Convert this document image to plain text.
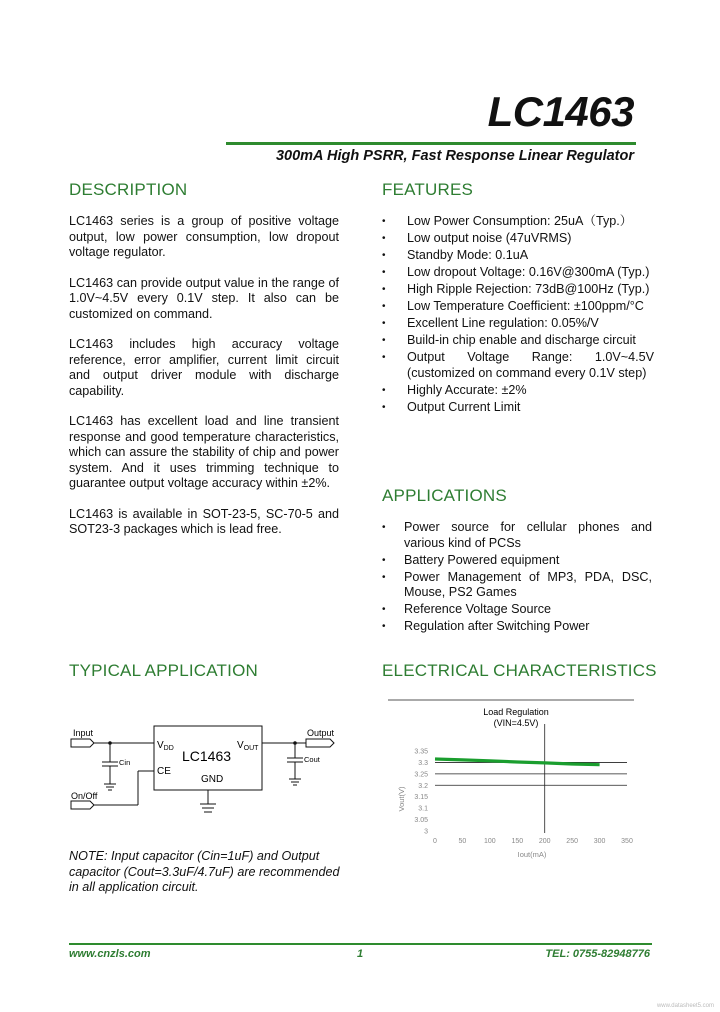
LC1463
300mA High PSRR, Fast Response Linear Regulator
DESCRIPTION

LC1463 series is a group of positive voltage output, low power consumption, low dropout voltage regulator.

LC1463 can provide output value in the range of 1.0V~4.5V every 0.1V step. It also can be customized on command.

LC1463 includes high accuracy voltage reference, error amplifier, current limit circuit and output driver module with discharge capability.

LC1463 has excellent load and line transient response and good temperature characteristics, which can assure the stability of chip and power system. And it uses trimming technique to guarantee output voltage accuracy within ±2%.

LC1463 is available in SOT-23-5, SC-70-5 and SOT23-3 packages which is lead free.

FEATURES
• Low Power Consumption: 25uA（Typ.）
• Low output noise (47uVRMS)
• Standby Mode: 0.1uA
• Low dropout Voltage: 0.16V@300mA (Typ.)
• High Ripple Rejection: 73dB@100Hz (Typ.)
• Low Temperature Coefficient: ±100ppm/°C
• Excellent Line regulation: 0.05%/V
• Build-in chip enable and discharge circuit
• Output Voltage Range: 1.0V~4.5V (customized on command every 0.1V step)
• Highly Accurate: ±2%
• Output Current Limit
APPLICATIONS
• Power source for cellular phones and various kind of PCSs
• Battery Powered equipment
• Power Management of MP3, PDA, DSC, Mouse, PS2 Games
• Reference Voltage Source
• Regulation after Switching Power
TYPICAL APPLICATION
Input	Output
On/Off
Cin	Cout
LC1463
$V_{DD}$	$V_{OUT}$
CE
GND
NOTE: Input capacitor (Cin=1uF) and Output capacitor (Cout=3.3uF/4.7uF) are recommended in all application circuit.
ELECTRICAL CHARACTERISTICS
Load Regulation
(VIN=4.5V)
0	50	100 150 200 250 300 350
3.35
3.3
3.25
3.2
3.15
3.1
3.05
3
Iout(mA)
Vout(V)
www.cnzls.com	1	TEL: 0755-82948776
www.datasheet5.com
